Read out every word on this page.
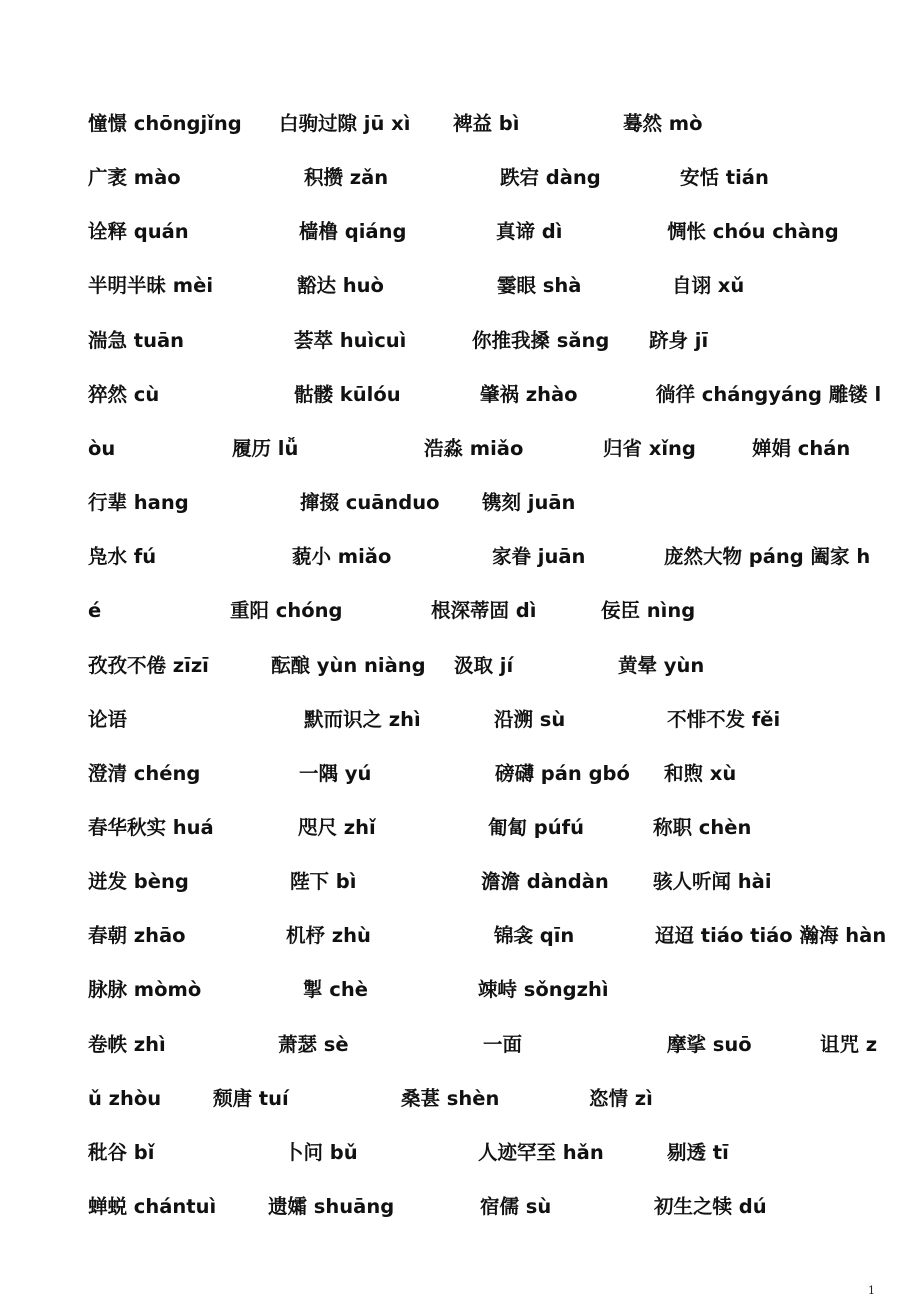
憧憬 chōngjǐng 白驹过隙 jū xì 裨益 bì	蓦然 mò
广袤 mào	积攒 zǎn	跌宕 dàng	安恬 tián
诠释 quán	樯橹 qiáng	真谛 dì	惆怅 chóu chàng
半明半昧 mèi	豁达 huò	霎眼 shà	自诩 xǔ
湍急 tuān	荟萃 huìcuì	你推我搡 sǎng 跻身 jī
猝然 cù	骷髅 kūlóu	肇祸 zhào	徜徉 chángyáng 雕镂 l
òu	履历 lǚ	浩淼 miǎo	归省 xǐng	婵娟 chán
行辈 hang	撺掇 cuānduo 镌刻 juān
凫水 fú	藐小 miǎo	家眷 juān	庞然大物 páng 阖家 h
é	重阳 chóng	根深蒂固 dì	佞臣 nìng
孜孜不倦 zīzī	酝酿 yùn niàng 汲取 jí	黄晕 yùn
论语	默而识之 zhì	沿溯 sù	不悱不发 fěi
澄清 chéng	一隅 yú	磅礴 pán gbó 和煦 xù
春华秋实 huá	咫尺 zhǐ	匍匐 púfú	称职 chèn
迸发 bèng	陛下 bì	澹澹 dàndàn 骇人听闻 hài
春朝 zhāo	机杼 zhù	锦衾 qīn	迢迢 tiáo tiáo 瀚海 hàn
脉脉 mòmò	掣 chè	竦峙 sǒngzhì
卷帙 zhì	萧瑟 sè	一面	摩挲 suō	诅咒 z
ǔ zhòu	颓唐 tuí	桑葚 shèn	恣情 zì
秕谷 bǐ	卜问 bǔ	人迹罕至 hǎn	剔透 tī
蝉蜕 chántuì	遗孀 shuāng	宿儒 sù	初生之犊 dú
1
